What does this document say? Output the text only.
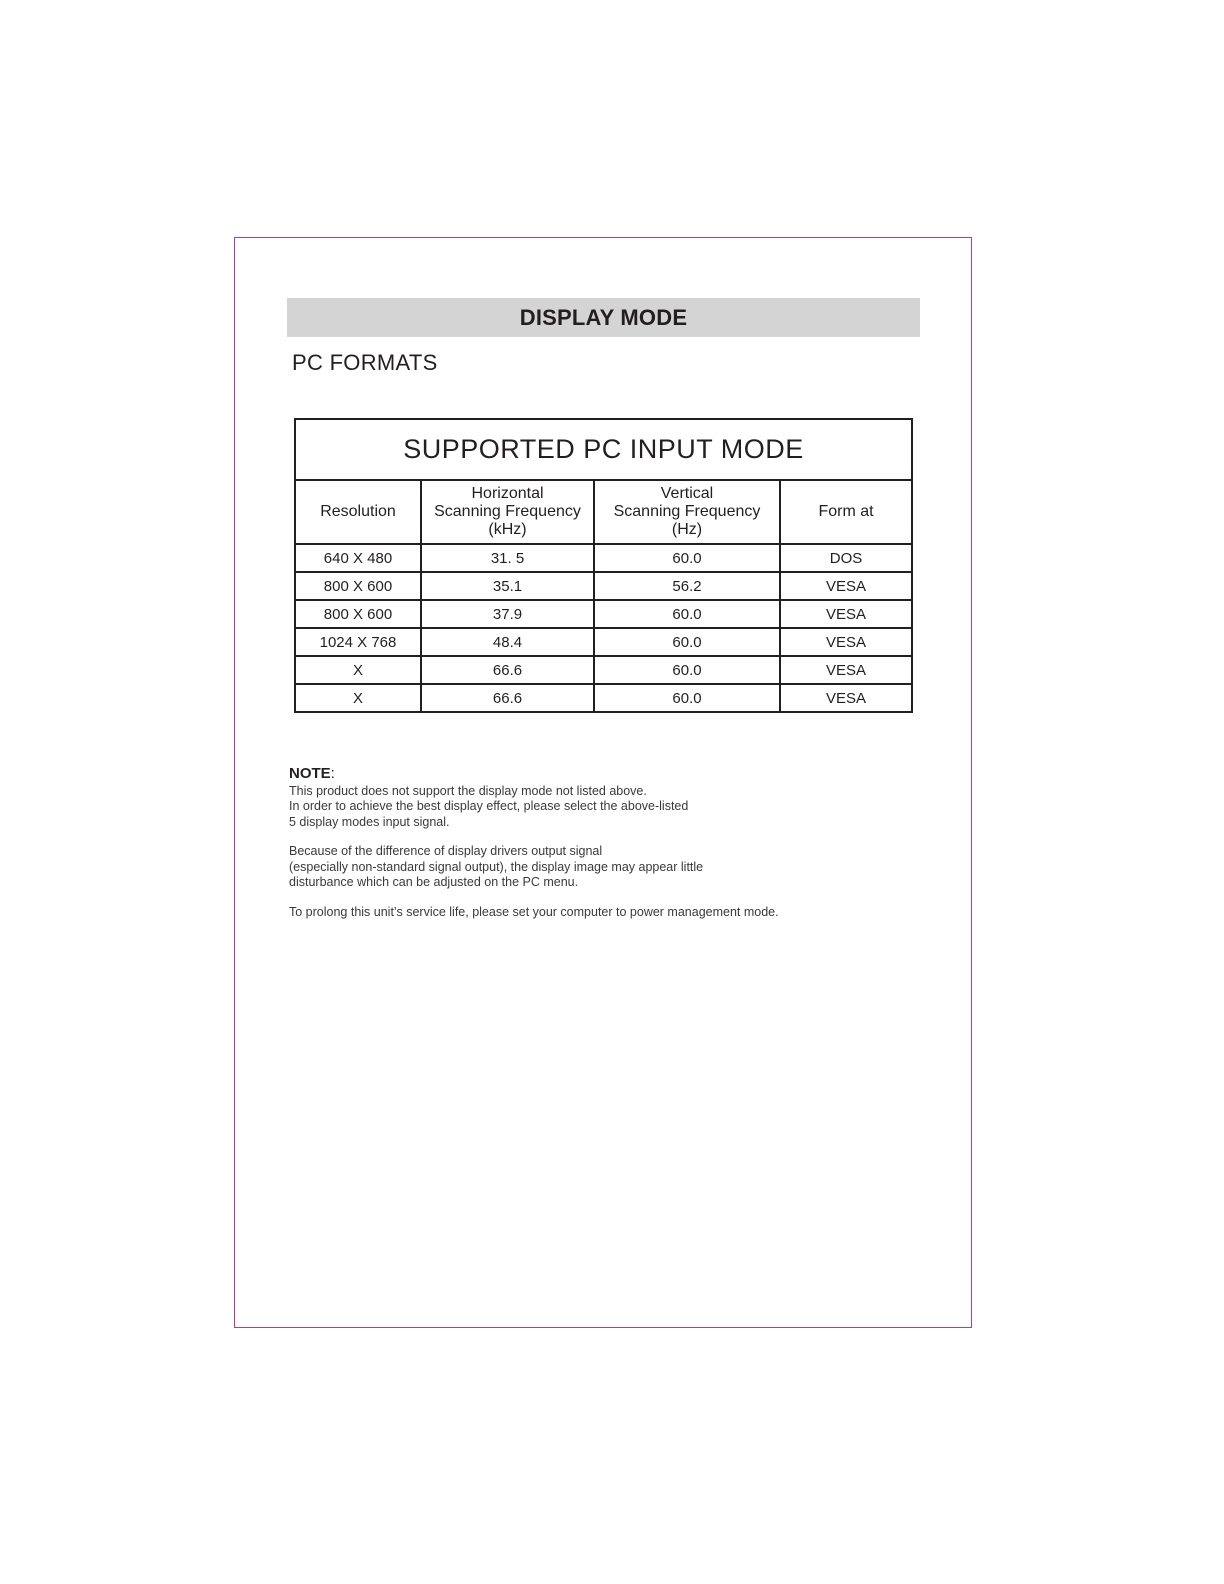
DISPLAY MODE
PC FORMATS
SUPPORTED PC INPUT MODE			

Resolution	Horizontal
Scanning Frequency
(kHz)	Vertical
Scanning Frequency
(Hz)	Form at

640 X 480	31. 5	60.0	DOS
800 X 600	35.1	56.2	VESA
800 X 600	37.9	60.0	VESA
1024 X 768	48.4	60.0	VESA
X	66.6	60.0	VESA
X	66.6	60.0	VESA
NOTE:

This product does not support the display mode not listed above.
In order to achieve the best display effect, please select the above-listed
5 display modes input signal.

Because of the difference of display drivers output signal
(especially non-standard signal output), the display image may appear little
disturbance which can be adjusted on the PC menu.

To prolong this unit’s service life, please set your computer to power management mode.
